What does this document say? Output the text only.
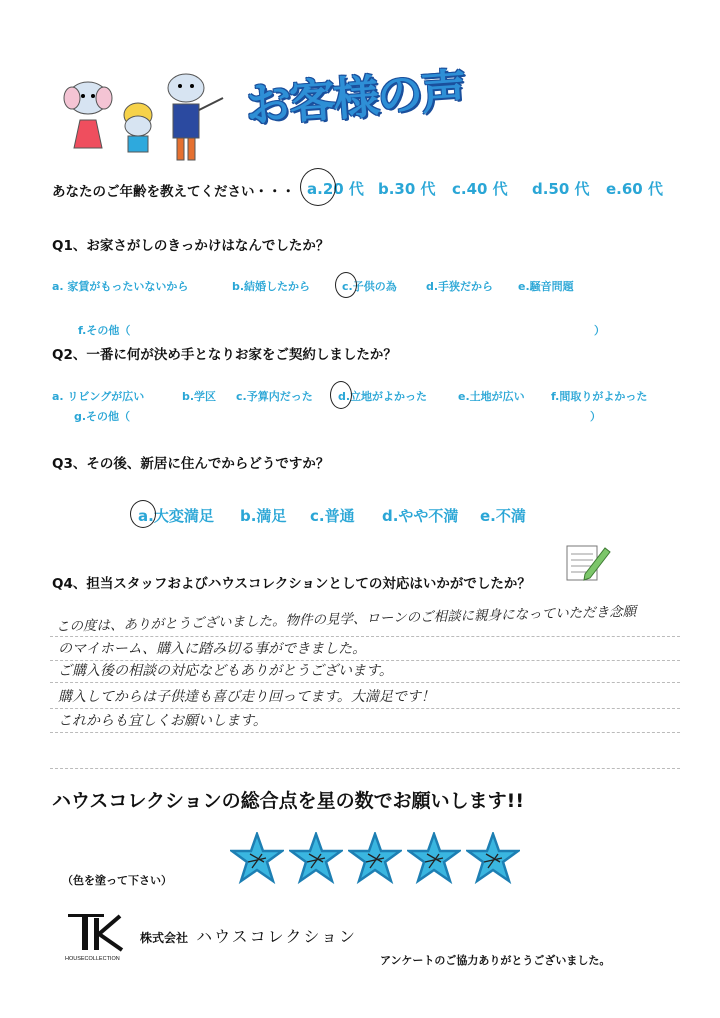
お客様の声
あなたのご年齢を教えてください・・・ a.20 代 b.30 代 c.40 代 d.50 代 e.60 代
Q1、お家さがしのきっかけはなんでしたか？
a. 家賃がもったいないから	b.結婚したから	c.子供の為	d.手狭だから e.騒音問題
f.その他（	）
Q2、一番に何が決め手となりお家をご契約しましたか？
a. リビングが広い	b.学区 c.予算内だった d.立地がよかった	e.土地が広い f.間取りがよかった
g.その他（	）
Q3、その後、新居に住んでからどうですか？
a.大変満足 b.満足 c.普通 d.やや不満 e.不満
Q4、担当スタッフおよびハウスコレクションとしての対応はいかがでしたか？
この度は、ありがとうございました。物件の見学、ローンのご相談に親身になっていただき念願
のマイホーム、購入に踏み切る事ができました。
ご購入後の相談の対応などもありがとうございます。
購入してからは子供達も喜び走り回ってます。大満足です！
これからも宜しくお願いします。
ハウスコレクションの総合点を星の数でお願いします!!
（色を塗って下さい）
HOUSECOLLECTION
株式会社 ハウスコレクション
アンケートのご協力ありがとうございました。
